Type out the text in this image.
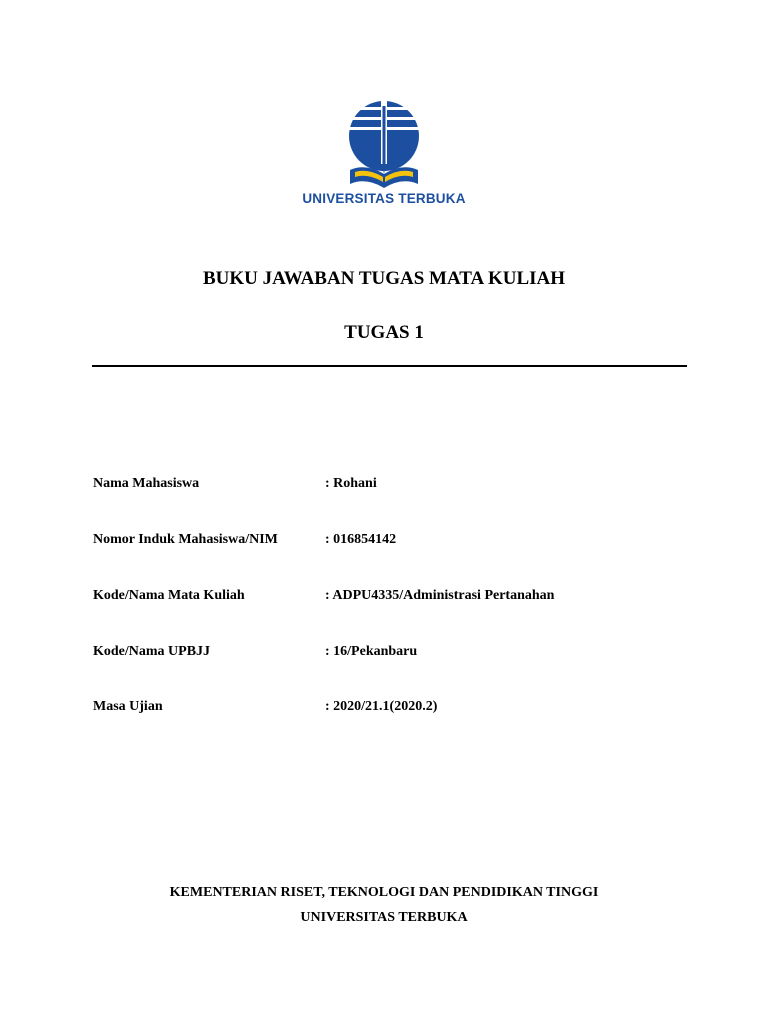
UNIVERSITAS TERBUKA
BUKU JAWABAN TUGAS MATA KULIAH
TUGAS 1
Nama Mahasiswa	: Rohani
Nomor Induk Mahasiswa/NIM	: 016854142
Kode/Nama Mata Kuliah	: ADPU4335/Administrasi Pertanahan
Kode/Nama UPBJJ	: 16/Pekanbaru
Masa Ujian	: 2020/21.1(2020.2)
KEMENTERIAN RISET, TEKNOLOGI DAN PENDIDIKAN TINGGI
UNIVERSITAS TERBUKA
